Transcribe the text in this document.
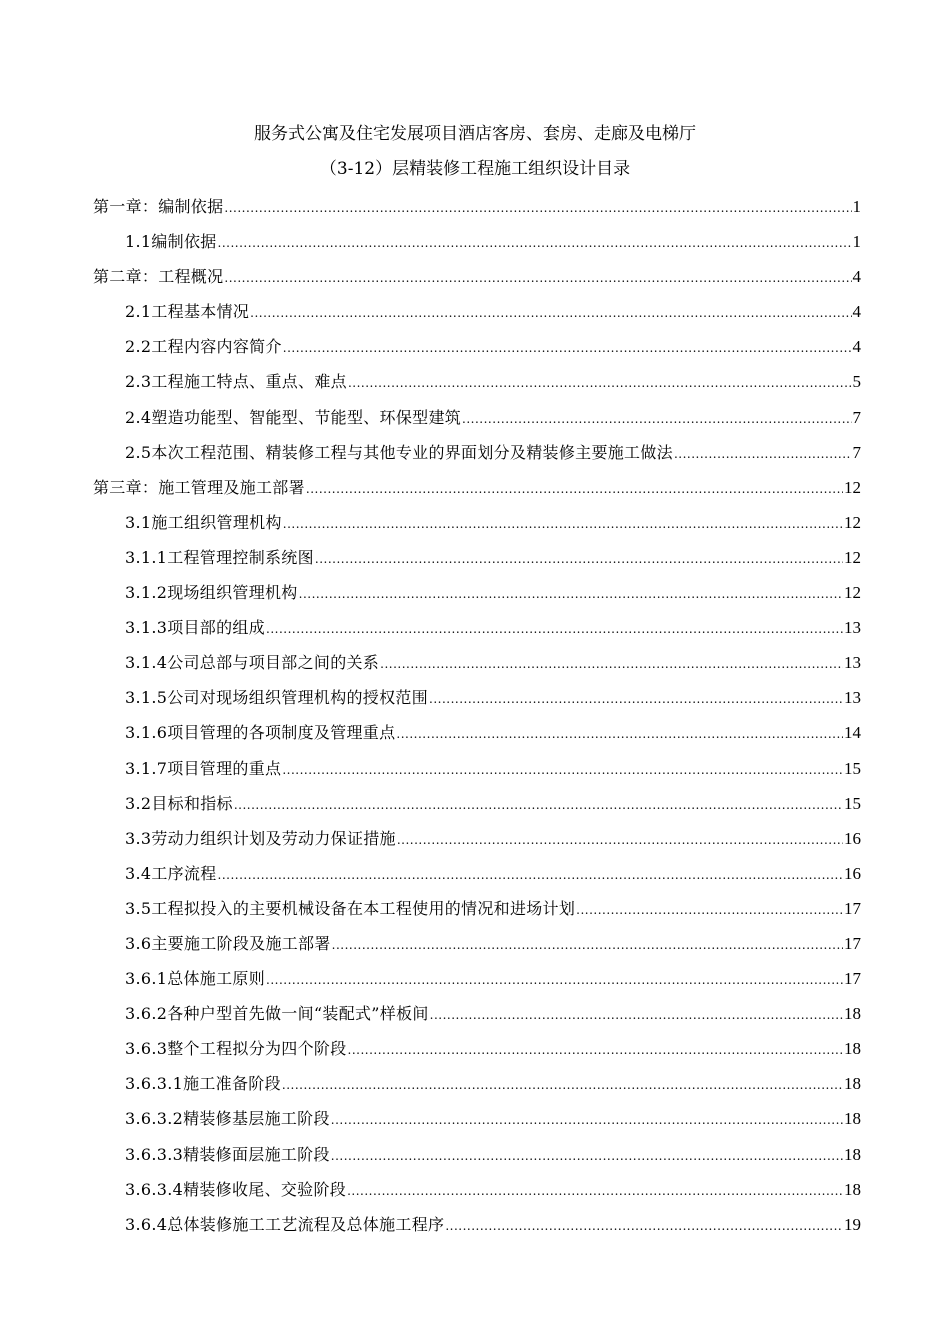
服务式公寓及住宅发展项目酒店客房、套房、走廊及电梯厅
（3-12）层精装修工程施工组织设计目录
第一章：编制依据 .....	1
1.1编制依据 .....	1
第二章：工程概况 .....	4
2.1工程基本情况 .....	4
2.2工程内容内容简介 .....	4
2.3工程施工特点、重点、难点 .....	5
2.4塑造功能型、智能型、节能型、环保型建筑 .....	7
2.5本次工程范围、精装修工程与其他专业的界面划分及精装修主要施工做法 .....	7
第三章：施工管理及施工部署 .....	12
3.1施工组织管理机构 .....	12
3.1.1工程管理控制系统图 .....	12
3.1.2现场组织管理机构 .....	12
3.1.3项目部的组成 .....	13
3.1.4公司总部与项目部之间的关系 .....	13
3.1.5公司对现场组织管理机构的授权范围 .....	13
3.1.6项目管理的各项制度及管理重点 .....	14
3.1.7项目管理的重点 .....	15
3.2目标和指标 .....	15
3.3劳动力组织计划及劳动力保证措施 .....	16
3.4工序流程 .....	16
3.5工程拟投入的主要机械设备在本工程使用的情况和进场计划 .....	17
3.6主要施工阶段及施工部署 .....	17
3.6.1总体施工原则 .....	17
3.6.2各种户型首先做一间“装配式”样板间 .....	18
3.6.3整个工程拟分为四个阶段 .....	18
3.6.3.1施工准备阶段 .....	18
3.6.3.2精装修基层施工阶段 .....	18
3.6.3.3精装修面层施工阶段 .....	18
3.6.3.4精装修收尾、交验阶段 .....	18
3.6.4总体装修施工工艺流程及总体施工程序 .....	19
